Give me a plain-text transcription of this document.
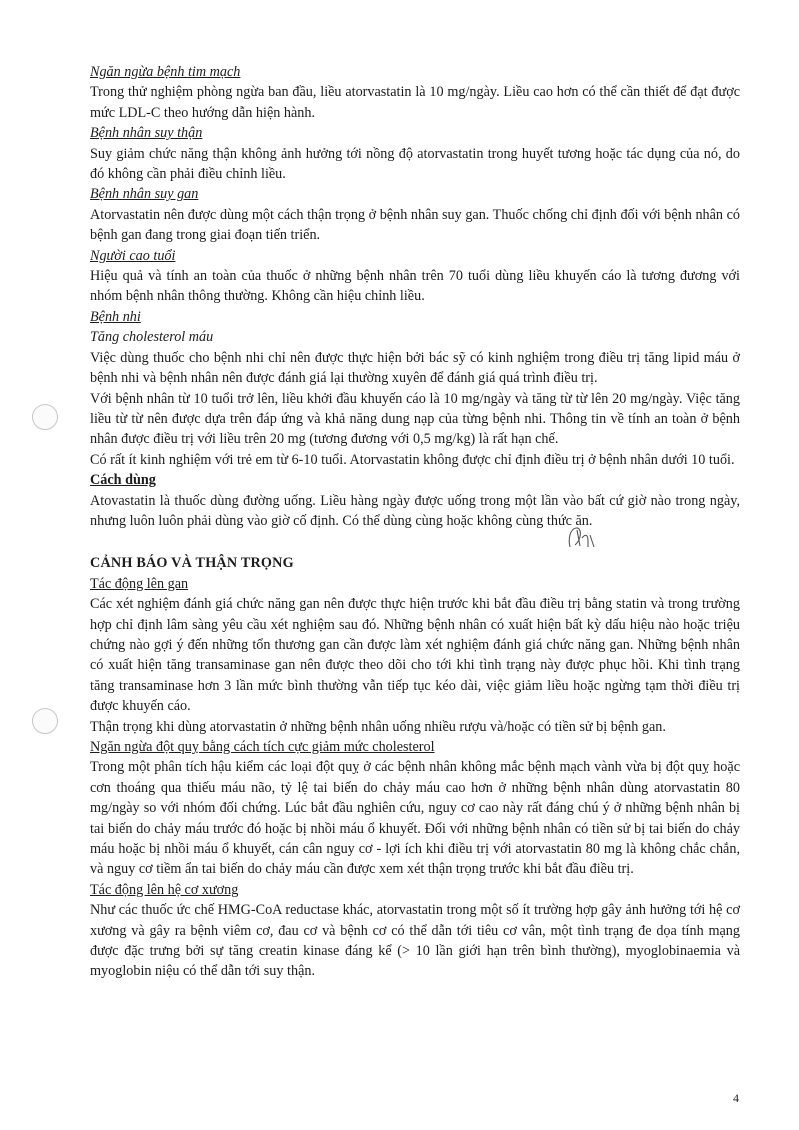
Ngăn ngừa bệnh tim mạch

Trong thử nghiệm phòng ngừa ban đầu, liều atorvastatin là 10 mg/ngày. Liều cao hơn có thể cần thiết để đạt được mức LDL-C theo hướng dẫn hiện hành.

Bệnh nhân suy thận

Suy giảm chức năng thận không ảnh hưởng tới nồng độ atorvastatin trong huyết tương hoặc tác dụng của nó, do đó không cần phải điều chỉnh liều.

Bệnh nhân suy gan

Atorvastatin nên được dùng một cách thận trọng ở bệnh nhân suy gan. Thuốc chống chỉ định đối với bệnh nhân có bệnh gan đang trong giai đoạn tiến triển.

Người cao tuổi

Hiệu quả và tính an toàn của thuốc ở những bệnh nhân trên 70 tuổi dùng liều khuyến cáo là tương đương với nhóm bệnh nhân thông thường. Không cần hiệu chỉnh liều.

Bệnh nhi

Tăng cholesterol máu

Việc dùng thuốc cho bệnh nhi chỉ nên được thực hiện bởi bác sỹ có kinh nghiệm trong điều trị tăng lipid máu ở bệnh nhi và bệnh nhân nên được đánh giá lại thường xuyên để đánh giá quá trình điều trị.

Với bệnh nhân từ 10 tuổi trở lên, liều khởi đầu khuyến cáo là 10 mg/ngày và tăng từ từ lên 20 mg/ngày. Việc tăng liều từ từ nên được dựa trên đáp ứng và khả năng dung nạp của từng bệnh nhi. Thông tin về tính an toàn ở bệnh nhân được điều trị với liều trên 20 mg (tương đương với 0,5 mg/kg) là rất hạn chế.

Có rất ít kinh nghiệm với trẻ em từ 6-10 tuổi. Atorvastatin không được chỉ định điều trị ở bệnh nhân dưới 10 tuổi.

Cách dùng

Atovastatin là thuốc dùng đường uống. Liều hàng ngày được uống trong một lần vào bất cứ giờ nào trong ngày, nhưng luôn luôn phải dùng vào giờ cố định. Có thể dùng cùng hoặc không cùng thức ăn.

CẢNH BÁO VÀ THẬN TRỌNG

Tác động lên gan

Các xét nghiệm đánh giá chức năng gan nên được thực hiện trước khi bắt đầu điều trị bằng statin và trong trường hợp chỉ định lâm sàng yêu cầu xét nghiệm sau đó. Những bệnh nhân có xuất hiện bất kỳ dấu hiệu nào hoặc triệu chứng nào gợi ý đến những tổn thương gan cần được làm xét nghiệm đánh giá chức năng gan. Những bệnh nhân có xuất hiện tăng transaminase gan nên được theo dõi cho tới khi tình trạng này được phục hồi. Khi tình trạng tăng transaminase hơn 3 lần mức bình thường vẫn tiếp tục kéo dài, việc giảm liều hoặc ngừng tạm thời điều trị được khuyến cáo.

Thận trọng khi dùng atorvastatin ở những bệnh nhân uống nhiều rượu và/hoặc có tiền sử bị bệnh gan.

Ngăn ngừa đột quỵ bằng cách tích cực giảm mức cholesterol

Trong một phân tích hậu kiểm các loại đột quỵ ở các bệnh nhân không mắc bệnh mạch vành vừa bị đột quỵ hoặc cơn thoáng qua thiếu máu não, tỷ lệ tai biến do chảy máu cao hơn ở những bệnh nhân dùng atorvastatin 80 mg/ngày so với nhóm đối chứng. Lúc bắt đầu nghiên cứu, nguy cơ cao này rất đáng chú ý ở những bệnh nhân bị tai biến do chảy máu trước đó hoặc bị nhồi máu ổ khuyết. Đối với những bệnh nhân có tiền sử bị tai biến do chảy máu hoặc bị nhồi máu ổ khuyết, cán cân nguy cơ - lợi ích khi điều trị với atorvastatin 80 mg là không chắc chắn, và nguy cơ tiềm ẩn tai biến do chảy máu cần được xem xét thận trọng trước khi bắt đầu điều trị.

Tác động lên hệ cơ xương

Như các thuốc ức chế HMG-CoA reductase khác, atorvastatin trong một số ít trường hợp gây ảnh hưởng tới hệ cơ xương và gây ra bệnh viêm cơ, đau cơ và bệnh cơ có thể dẫn tới tiêu cơ vân, một tình trạng đe dọa tính mạng được đặc trưng bởi sự tăng creatin kinase đáng kể (> 10 lần giới hạn trên bình thường), myoglobinaemia và myoglobin niệu có thể dẫn tới suy thận.

4
